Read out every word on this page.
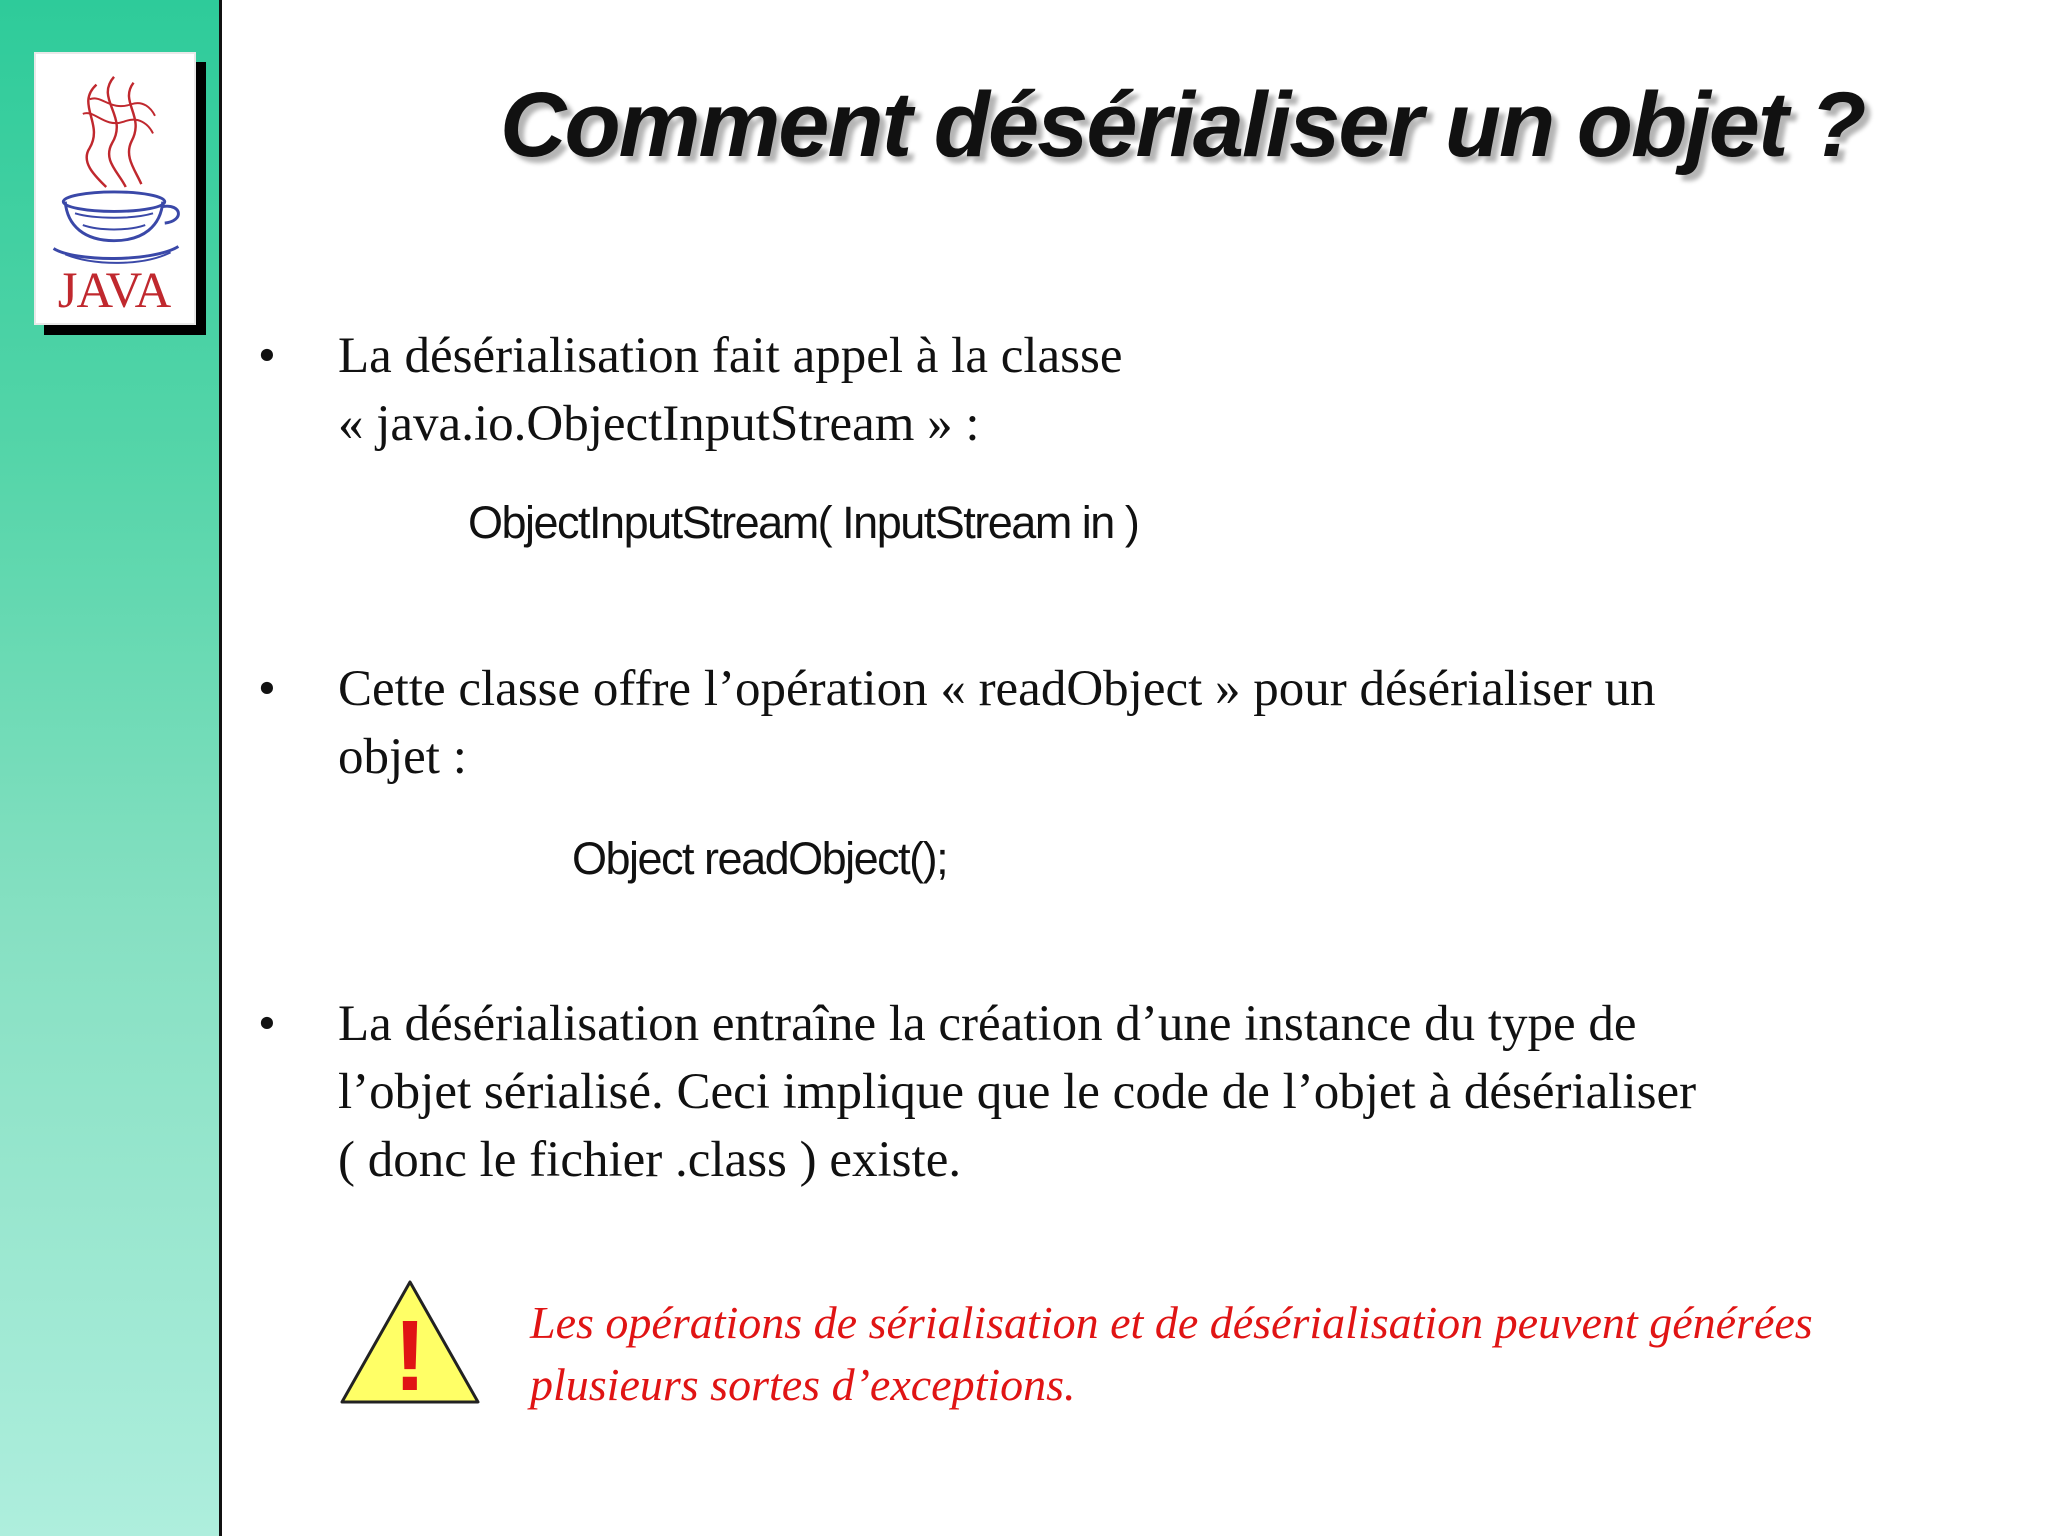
JAVA
Comment désérialiser un objet ?
•	La désérialisation fait appel à la classe
« java.io.ObjectInputStream » :
ObjectInputStream( InputStream in )
•	Cette classe offre l’opération « readObject » pour désérialiser un
objet :
Object readObject();
•	La désérialisation entraîne la création d’une instance du type de
l’objet sérialisé. Ceci implique que le code de l’objet à désérialiser
( donc le fichier .class ) existe.
! Les opérations de sérialisation et de désérialisation peuvent générées
plusieurs sortes d’exceptions.
